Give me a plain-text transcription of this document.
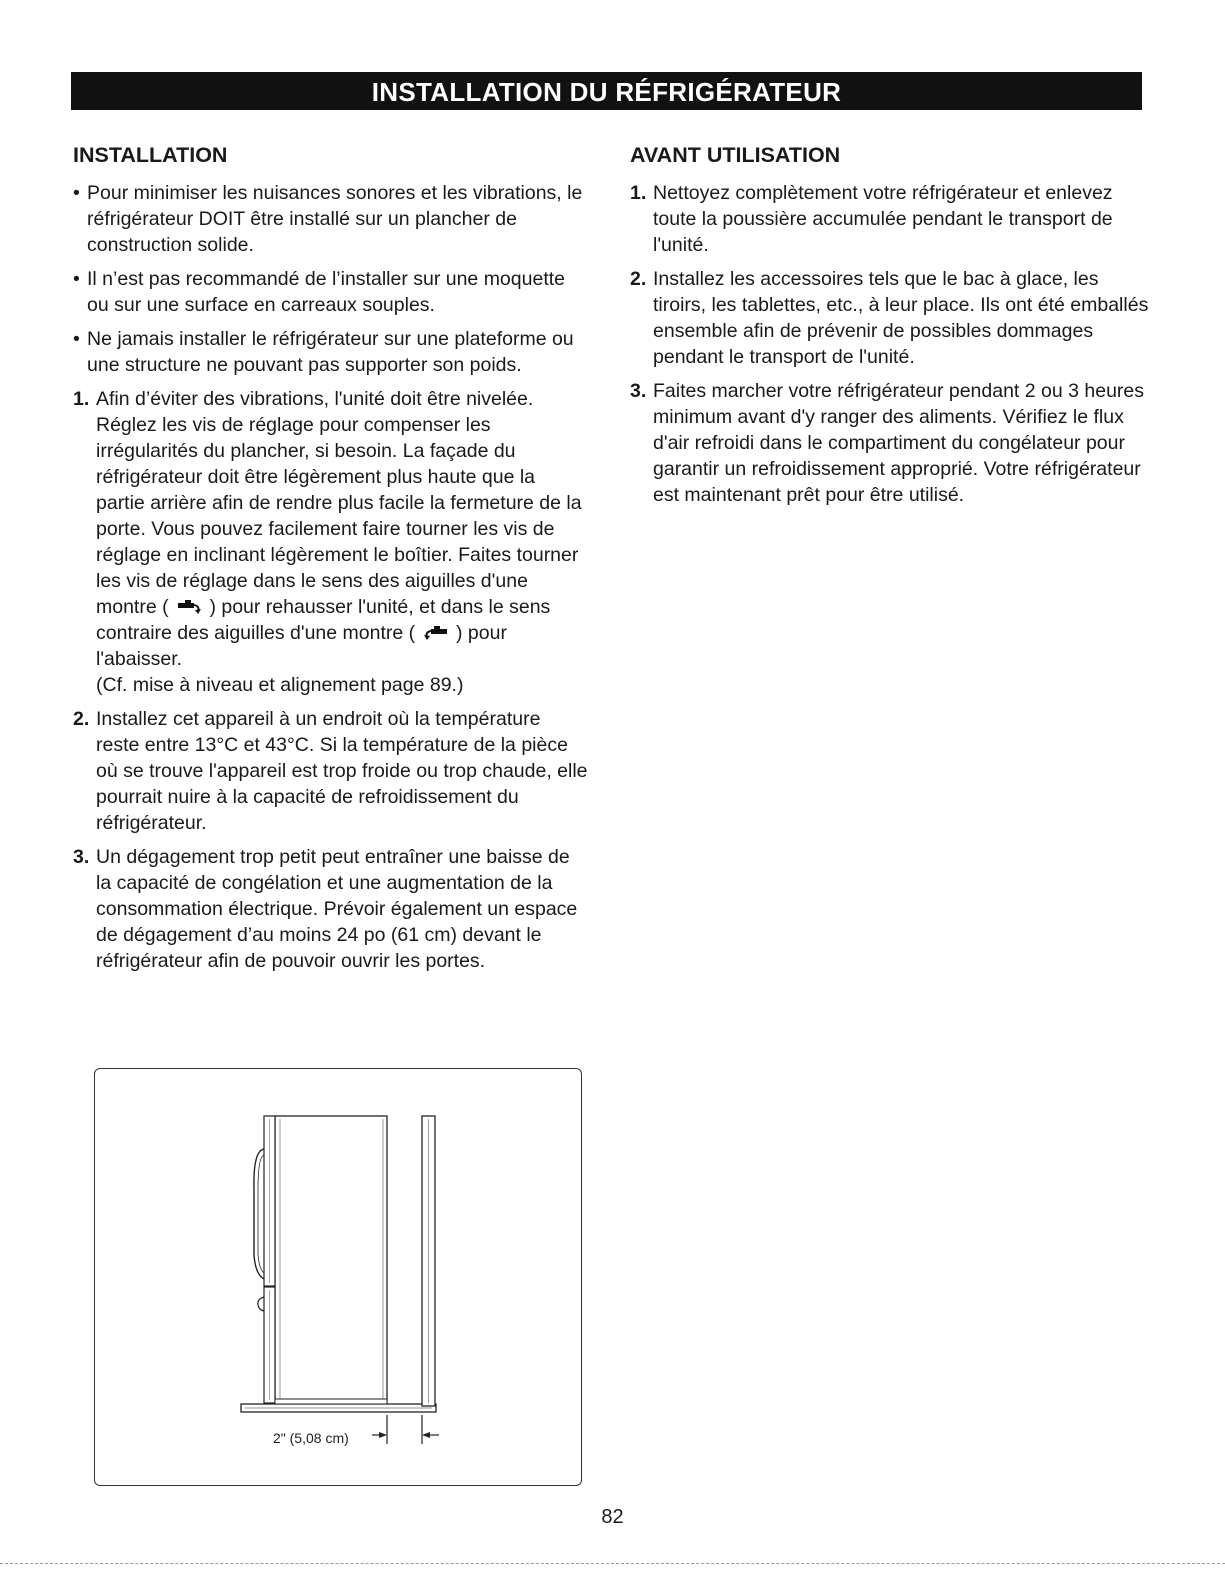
INSTALLATION DU RÉFRIGÉRATEUR
INSTALLATION
• Pour minimiser les nuisances sonores et les vibrations, le réfrigérateur DOIT être installé sur un plancher de construction solide.
• Il n’est pas recommandé de l’installer sur une moquette ou sur une surface en carreaux souples.
• Ne jamais installer le réfrigérateur sur une plateforme ou une structure ne pouvant pas supporter son poids.
1. Afin d’éviter des vibrations, l'unité doit être nivelée. Réglez les vis de réglage pour compenser les irrégularités du plancher, si besoin. La façade du réfrigérateur doit être légèrement plus haute que la partie arrière afin de rendre plus facile la fermeture de la porte. Vous pouvez facilement faire tourner les vis de réglage en inclinant légèrement le boîtier. Faites tourner les vis de réglage dans le sens des aiguilles d'une montre ( ) pour rehausser l'unité, et dans le sens contraire des aiguilles d'une montre ( ) pour l'abaisser.
(Cf. mise à niveau et alignement page 89.)
2. Installez cet appareil à un endroit où la température reste entre 13°C et 43°C. Si la température de la pièce où se trouve l'appareil est trop froide ou trop chaude, elle pourrait nuire à la capacité de refroidissement du réfrigérateur.
3. Un dégagement trop petit peut entraîner une baisse de la capacité de congélation et une augmentation de la consommation électrique. Prévoir également un espace de dégagement d’au moins 24 po (61 cm) devant le réfrigérateur afin de pouvoir ouvrir les portes.
2" (5,08 cm)
AVANT UTILISATION
1. Nettoyez complètement votre réfrigérateur et enlevez toute la poussière accumulée pendant le transport de l'unité.
2. Installez les accessoires tels que le bac à glace, les tiroirs, les tablettes, etc., à leur place. Ils ont été emballés ensemble afin de prévenir de possibles dommages pendant le transport de l'unité.
3. Faites marcher votre réfrigérateur pendant 2 ou 3 heures minimum avant d'y ranger des aliments. Vérifiez le flux d'air refroidi dans le compartiment du congélateur pour garantir un refroidissement approprié. Votre réfrigérateur est maintenant prêt pour être utilisé.
82
